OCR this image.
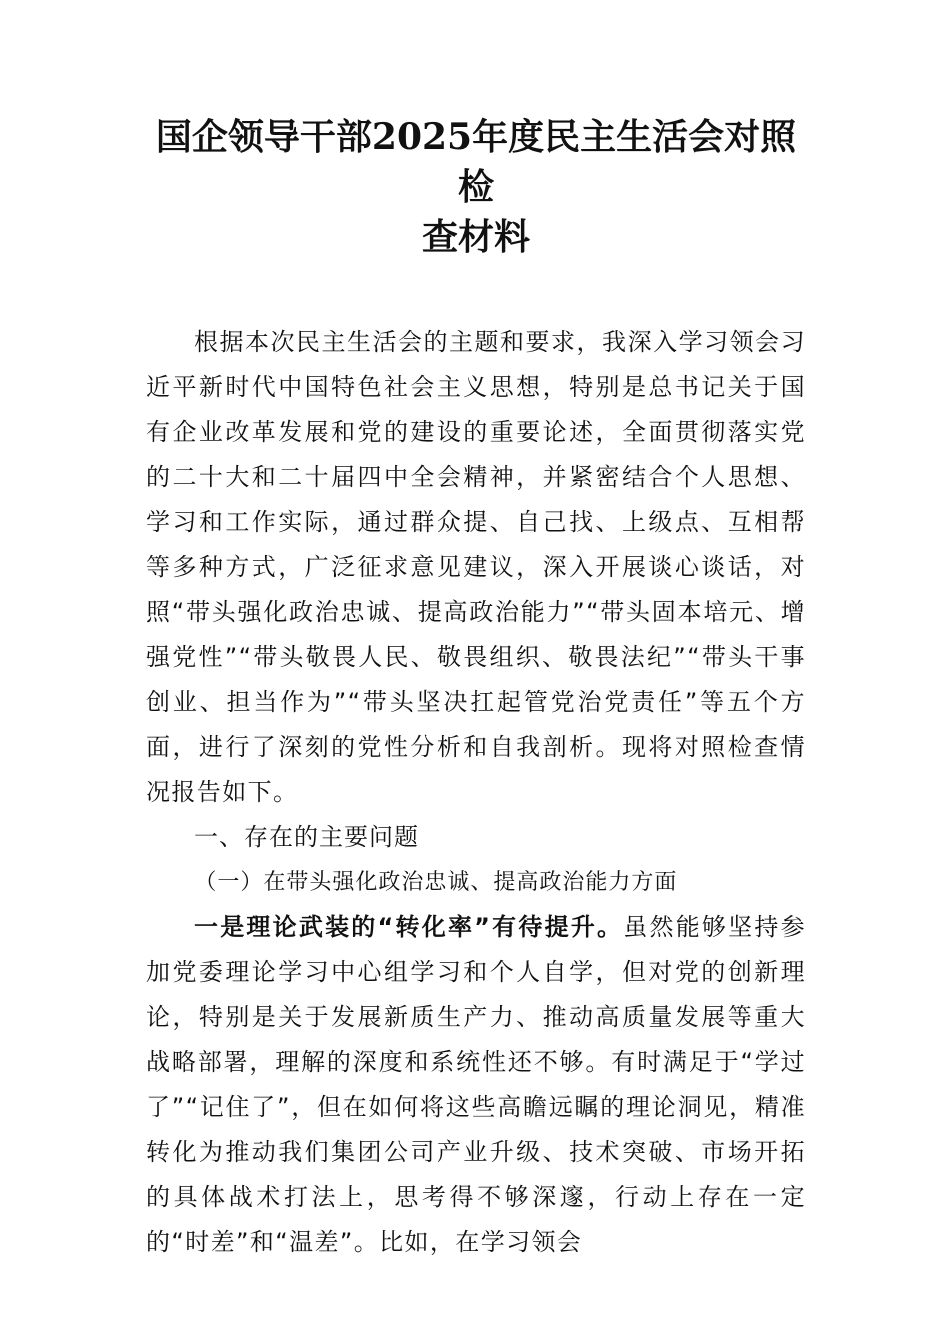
国企领导干部2025年度民主生活会对照检
查材料

根据本次民主生活会的主题和要求，我深入学习领会习近平新时代中国特色社会主义思想，特别是总书记关于国有企业改革发展和党的建设的重要论述，全面贯彻落实党的二十大和二十届四中全会精神，并紧密结合个人思想、学习和工作实际，通过群众提、自己找、上级点、互相帮等多种方式，广泛征求意见建议，深入开展谈心谈话，对照“带头强化政治忠诚、提高政治能力”“带头固本培元、增强党性”“带头敬畏人民、敬畏组织、敬畏法纪”“带头干事创业、担当作为”“带头坚决扛起管党治党责任”等五个方面，进行了深刻的党性分析和自我剖析。现将对照检查情况报告如下。

一、存在的主要问题

（一）在带头强化政治忠诚、提高政治能力方面

一是理论武装的“转化率”有待提升。虽然能够坚持参加党委理论学习中心组学习和个人自学，但对党的创新理论，特别是关于发展新质生产力、推动高质量发展等重大战略部署，理解的深度和系统性还不够。有时满足于“学过了”“记住了”，但在如何将这些高瞻远瞩的理论洞见，精准转化为推动我们集团公司产业升级、技术突破、市场开拓的具体战术打法上，思考得不够深邃，行动上存在一定的“时差”和“温差”。比如，在学习领会
